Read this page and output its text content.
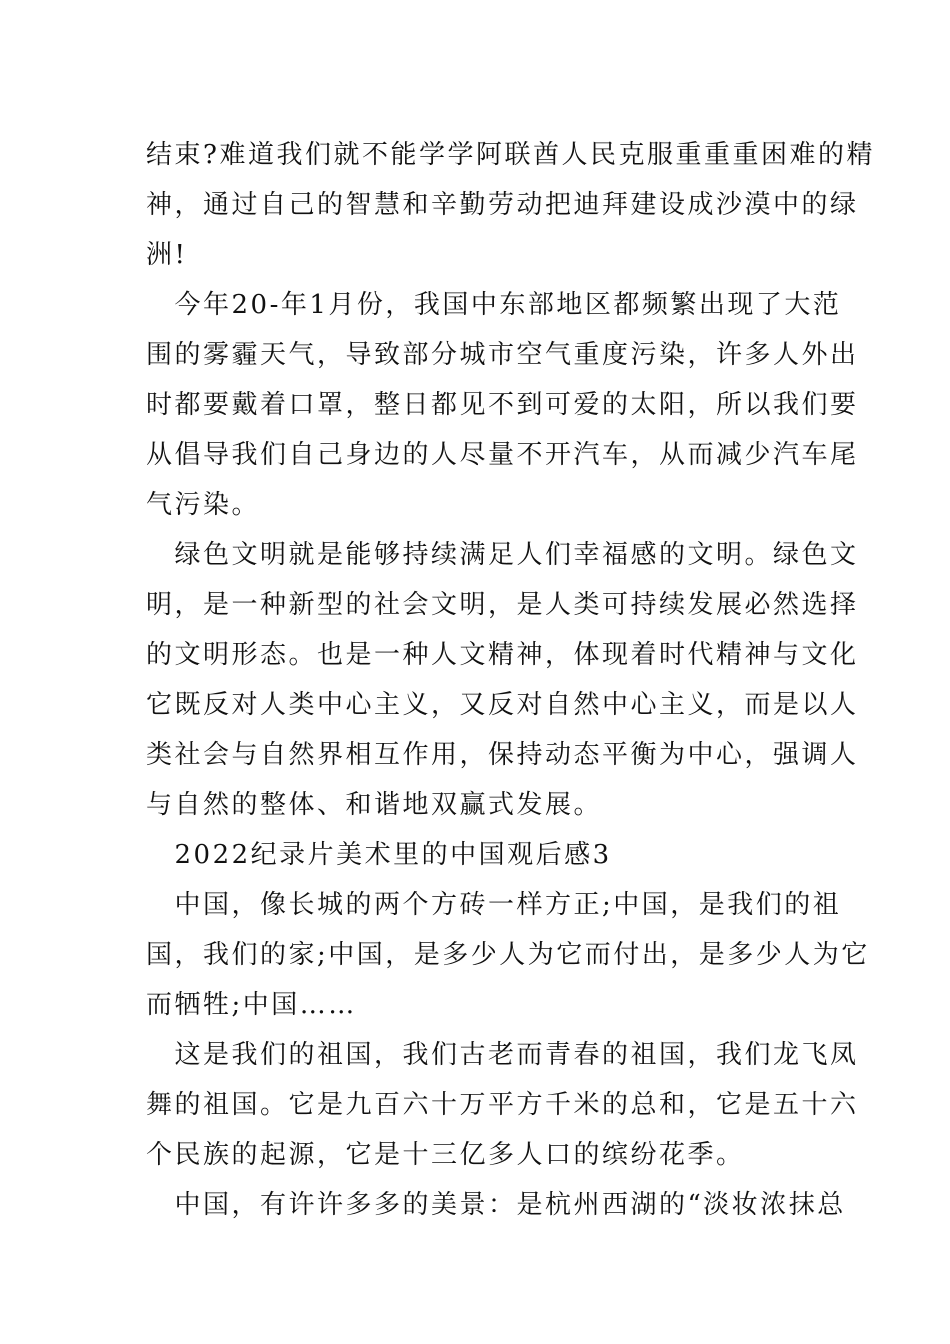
结束?难道我们就不能学学阿联酋人民克服重重重困难的精

神，通过自己的智慧和辛勤劳动把迪拜建设成沙漠中的绿

洲!

　今年20-年1月份，我国中东部地区都频繁出现了大范

围的雾霾天气，导致部分城市空气重度污染，许多人外出

时都要戴着口罩，整日都见不到可爱的太阳，所以我们要

从倡导我们自己身边的人尽量不开汽车，从而减少汽车尾

气污染。

　绿色文明就是能够持续满足人们幸福感的文明。绿色文

明，是一种新型的社会文明，是人类可持续发展必然选择

的文明形态。也是一种人文精神，体现着时代精神与文化

它既反对人类中心主义，又反对自然中心主义，而是以人

类社会与自然界相互作用，保持动态平衡为中心，强调人

与自然的整体、和谐地双赢式发展。

　2022纪录片美术里的中国观后感3

　中国，像长城的两个方砖一样方正;中国，是我们的祖

国，我们的家;中国，是多少人为它而付出，是多少人为它

而牺牲;中国……

　这是我们的祖国，我们古老而青春的祖国，我们龙飞凤

舞的祖国。它是九百六十万平方千米的总和，它是五十六

个民族的起源，它是十三亿多人口的缤纷花季。

　中国，有许许多多的美景：是杭州西湖的“淡妆浓抹总
